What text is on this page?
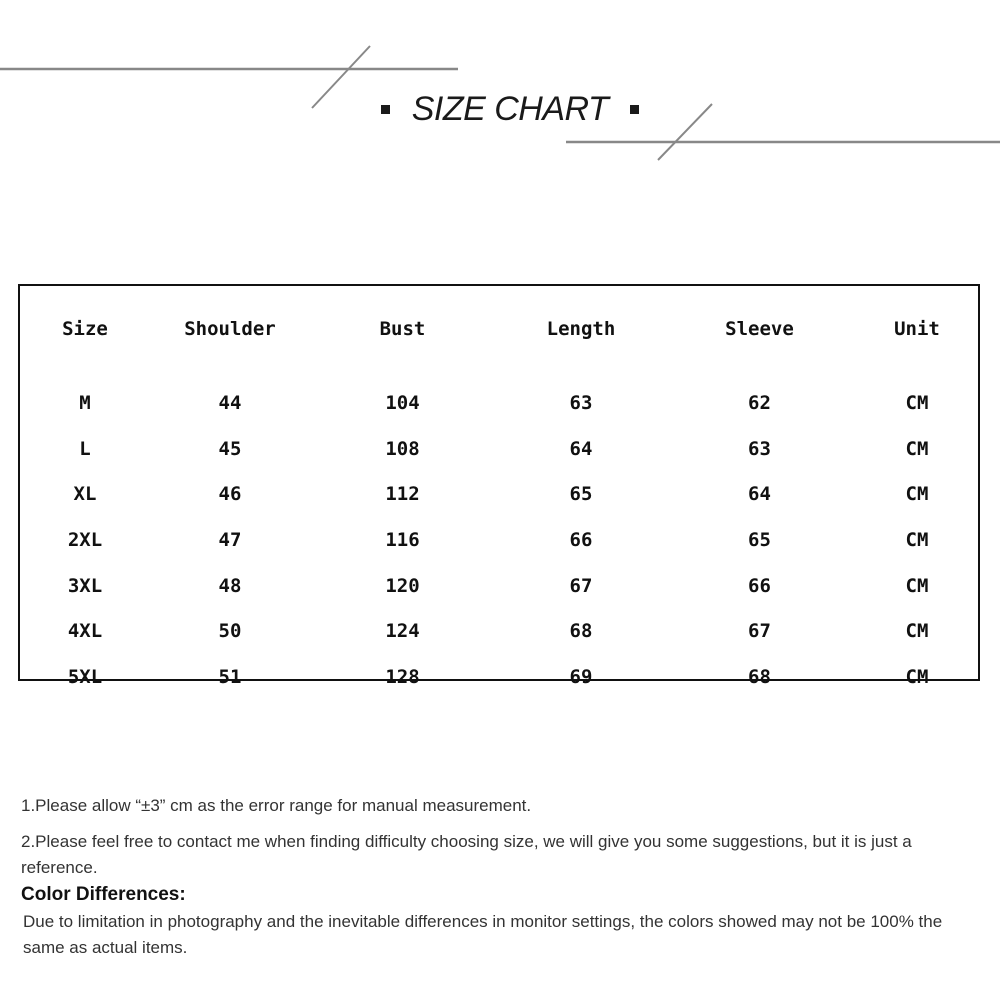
SIZE CHART
Size	Shoulder	Bust	Length	Sleeve	Unit
M	44	104	63	62	CM
L	45	108	64	63	CM
XL	46	112	65	64	CM
2XL	47	116	66	65	CM
3XL	48	120	67	66	CM
4XL	50	124	68	67	CM
5XL	51	128	69	68	CM

1.Please allow “±3” cm as the error range for manual measurement.

2.Please feel free to contact me when finding difficulty choosing size, we will give you some suggestions, but it is just a reference.

Color Differences:

Due to limitation in photography and the inevitable differences in monitor settings, the colors showed may not be 100% the same as actual items.
